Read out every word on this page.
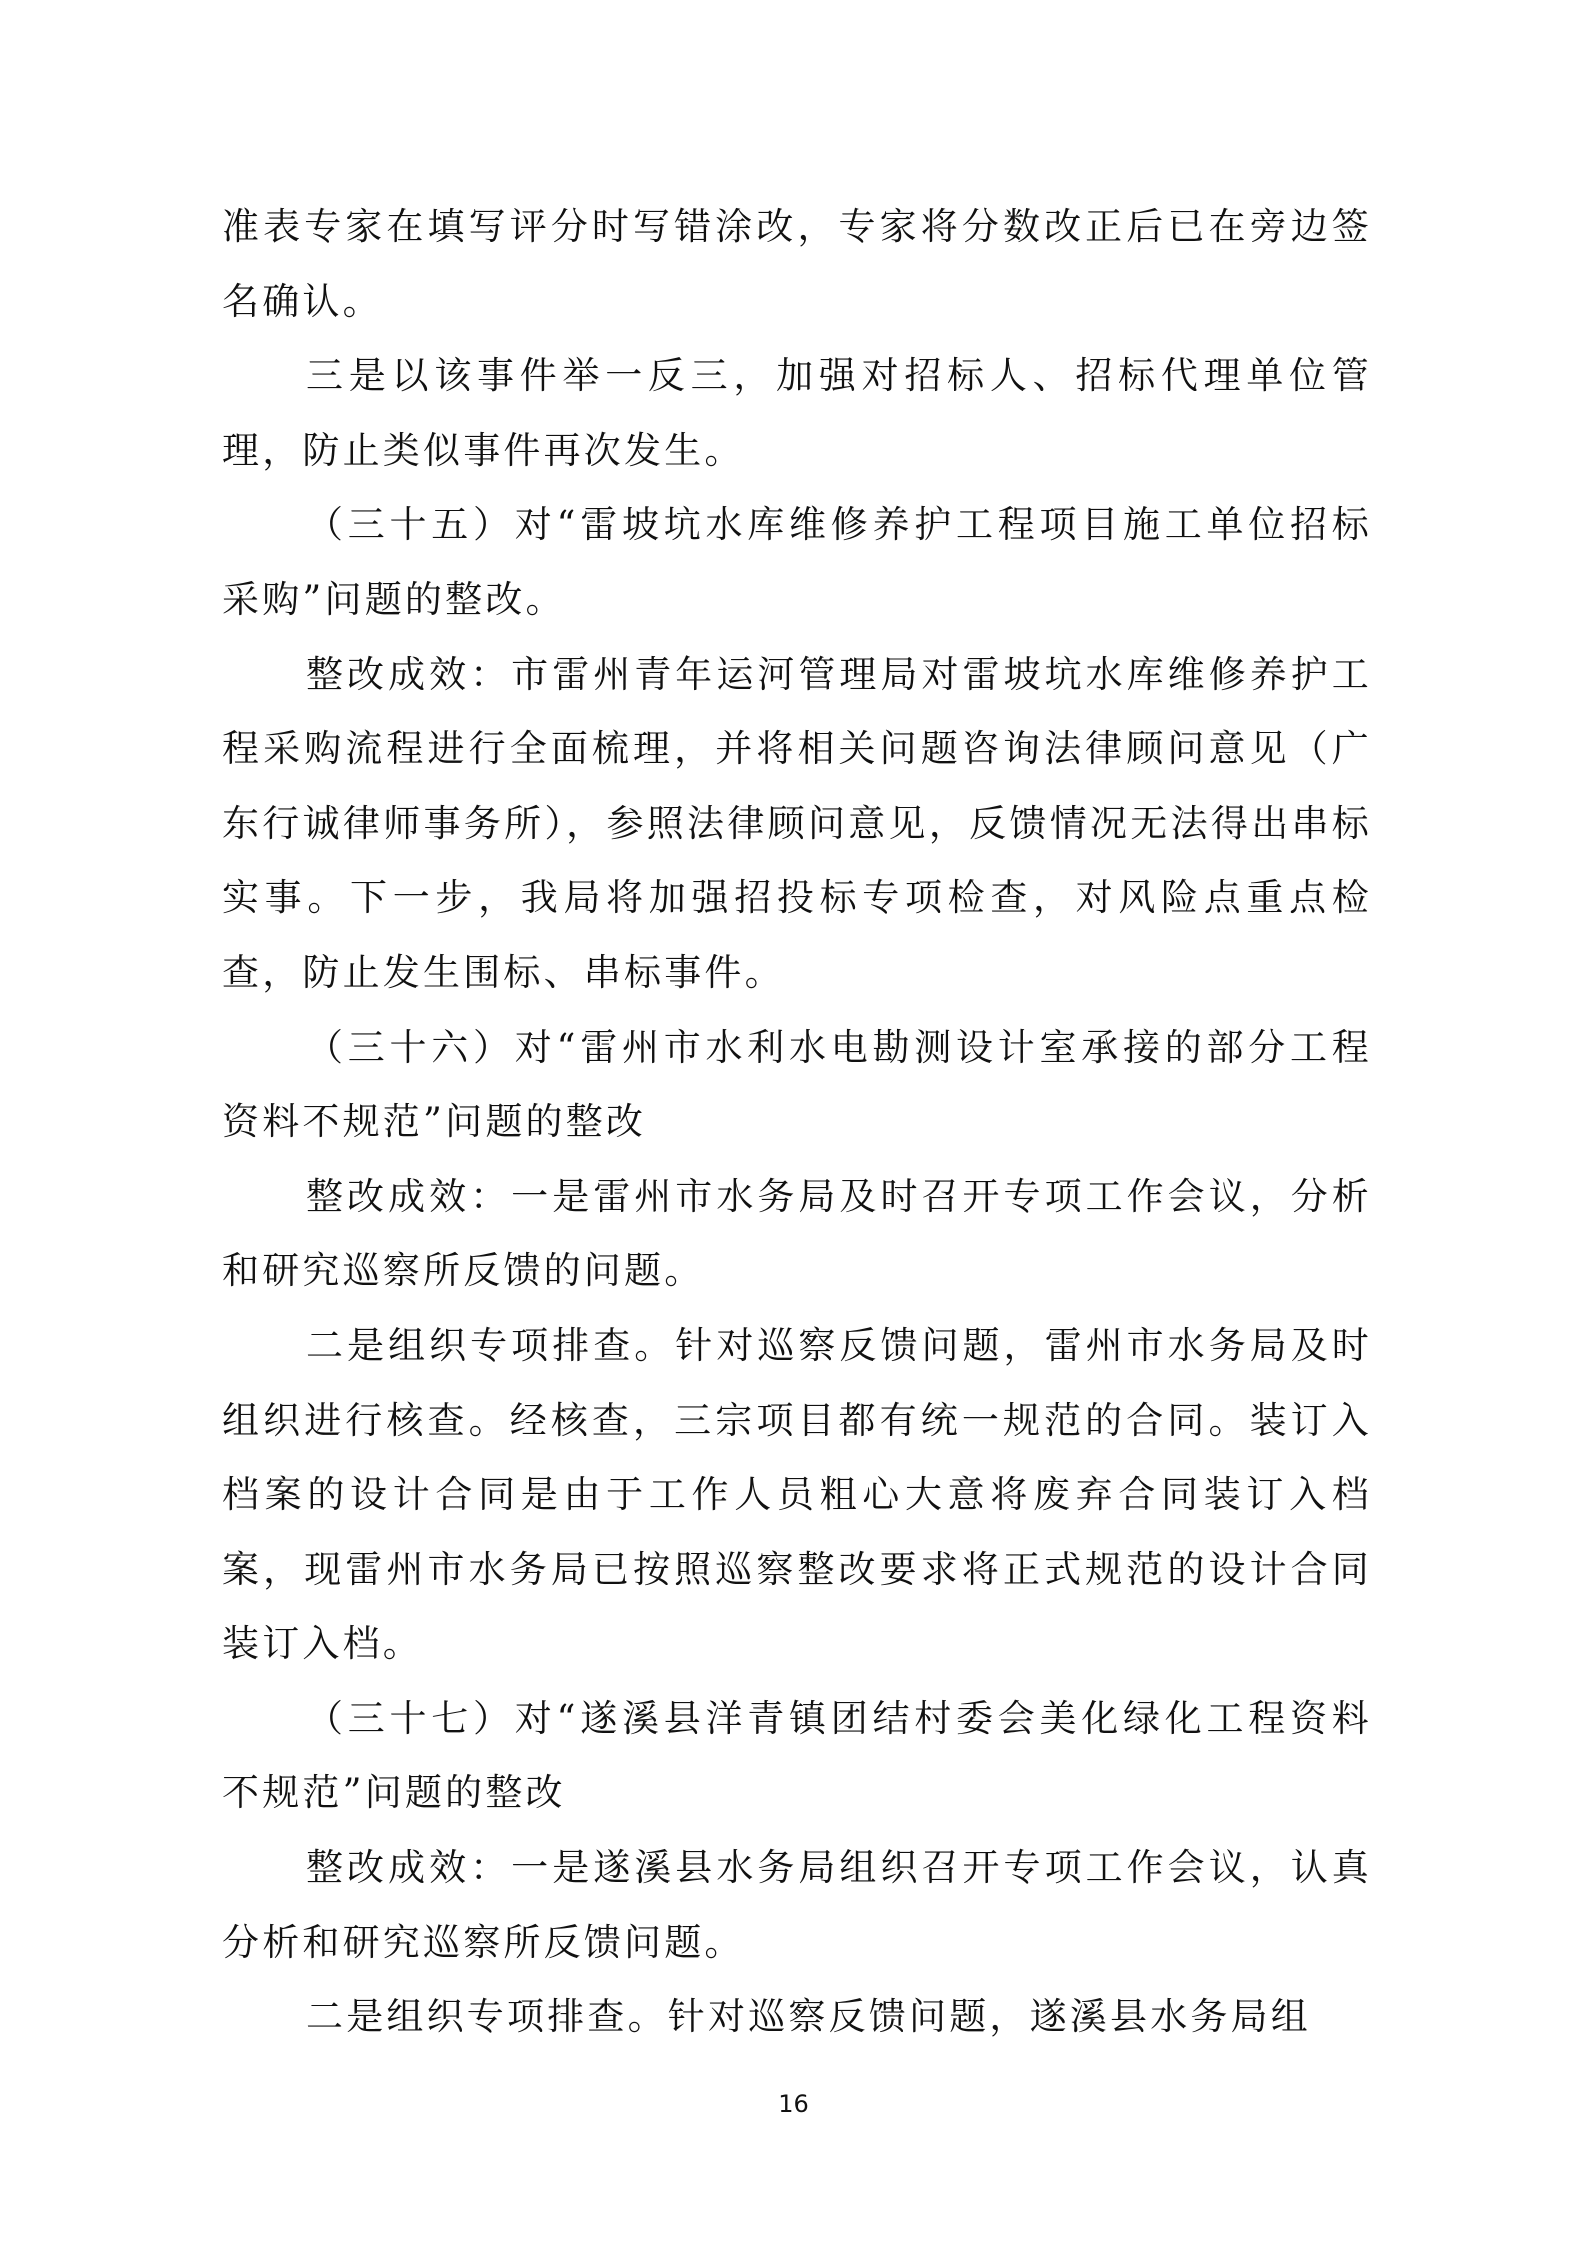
准表专家在填写评分时写错涂改，专家将分数改正后已在旁边签名确认。

三是以该事件举一反三，加强对招标人、招标代理单位管理，防止类似事件再次发生。

（三十五）对“雷坡坑水库维修养护工程项目施工单位招标采购”问题的整改。

整改成效：市雷州青年运河管理局对雷坡坑水库维修养护工程采购流程进行全面梳理，并将相关问题咨询法律顾问意见（广东行诚律师事务所），参照法律顾问意见，反馈情况无法得出串标实事。下一步，我局将加强招投标专项检查，对风险点重点检查，防止发生围标、串标事件。

（三十六）对“雷州市水利水电勘测设计室承接的部分工程资料不规范”问题的整改

整改成效：一是雷州市水务局及时召开专项工作会议，分析和研究巡察所反馈的问题。

二是组织专项排查。针对巡察反馈问题，雷州市水务局及时组织进行核查。经核查，三宗项目都有统一规范的合同。装订入档案的设计合同是由于工作人员粗心大意将废弃合同装订入档案，现雷州市水务局已按照巡察整改要求将正式规范的设计合同装订入档。

（三十七）对“遂溪县洋青镇团结村委会美化绿化工程资料不规范”问题的整改

整改成效：一是遂溪县水务局组织召开专项工作会议，认真分析和研究巡察所反馈问题。

二是组织专项排查。针对巡察反馈问题，遂溪县水务局组

16
